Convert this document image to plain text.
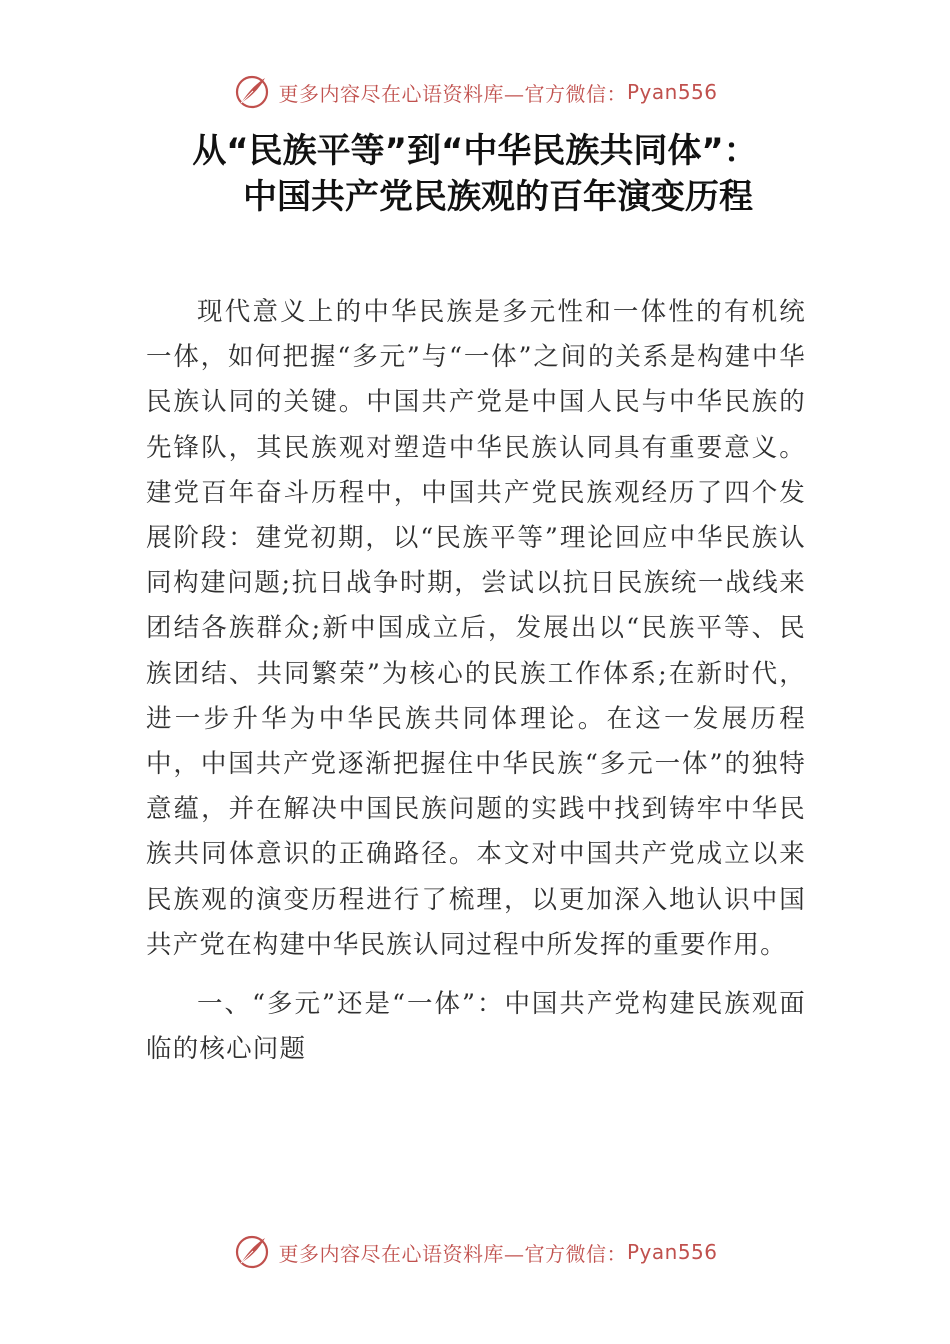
更多内容尽在心语资料库—官方微信： Pyan556
从“民族平等”到“中华民族共同体”：
中国共产党民族观的百年演变历程

现代意义上的中华民族是多元性和一体性的有机统一体，如何把握“多元”与“一体”之间的关系是构建中华民族认同的关键。中国共产党是中国人民与中华民族的先锋队，其民族观对塑造中华民族认同具有重要意义。建党百年奋斗历程中，中国共产党民族观经历了四个发展阶段：建党初期，以“民族平等”理论回应中华民族认同构建问题;抗日战争时期，尝试以抗日民族统一战线来团结各族群众;新中国成立后，发展出以“民族平等、民族团结、共同繁荣”为核心的民族工作体系;在新时代，进一步升华为中华民族共同体理论。在这一发展历程中，中国共产党逐渐把握住中华民族“多元一体”的独特意蕴，并在解决中国民族问题的实践中找到铸牢中华民族共同体意识的正确路径。本文对中国共产党成立以来民族观的演变历程进行了梳理，以更加深入地认识中国共产党在构建中华民族认同过程中所发挥的重要作用。

一、“多元”还是“一体”：中国共产党构建民族观面临的核心问题

更多内容尽在心语资料库—官方微信： Pyan556
